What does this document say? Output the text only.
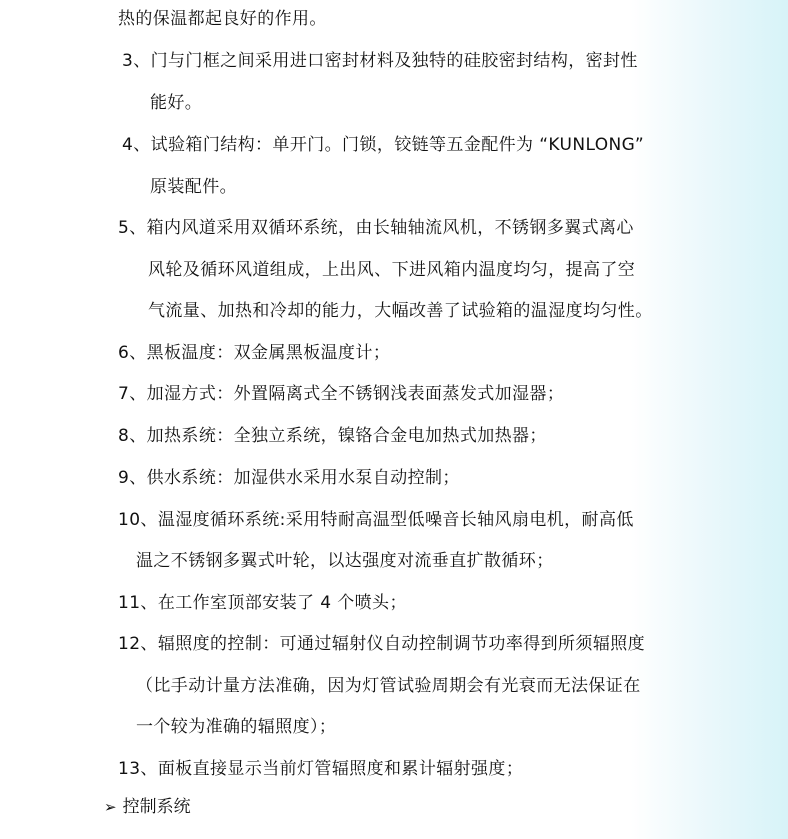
热的保温都起良好的作用。
3、门与门框之间采用进口密封材料及独特的硅胶密封结构，密封性
能好。
4、试验箱门结构：单开门。门锁，铰链等五金配件为 “KUNLONG”
原装配件。
5、箱内风道采用双循环系统，由长轴轴流风机，不锈钢多翼式离心
风轮及循环风道组成，上出风、下进风箱内温度均匀，提高了空
气流量、加热和冷却的能力，大幅改善了试验箱的温湿度均匀性。
6、黑板温度：双金属黑板温度计；
7、加湿方式：外置隔离式全不锈钢浅表面蒸发式加湿器；
8、加热系统：全独立系统，镍铬合金电加热式加热器；
9、供水系统：加湿供水采用水泵自动控制；
10、温湿度循环系统:采用特耐高温型低噪音长轴风扇电机，耐高低
温之不锈钢多翼式叶轮，以达强度对流垂直扩散循环；
11、在工作室顶部安装了 4 个喷头；
12、辐照度的控制：可通过辐射仪自动控制调节功率得到所须辐照度
（比手动计量方法准确，因为灯管试验周期会有光衰而无法保证在
一个较为准确的辐照度）；
13、面板直接显示当前灯管辐照度和累计辐射强度；
➢ 控制系统
